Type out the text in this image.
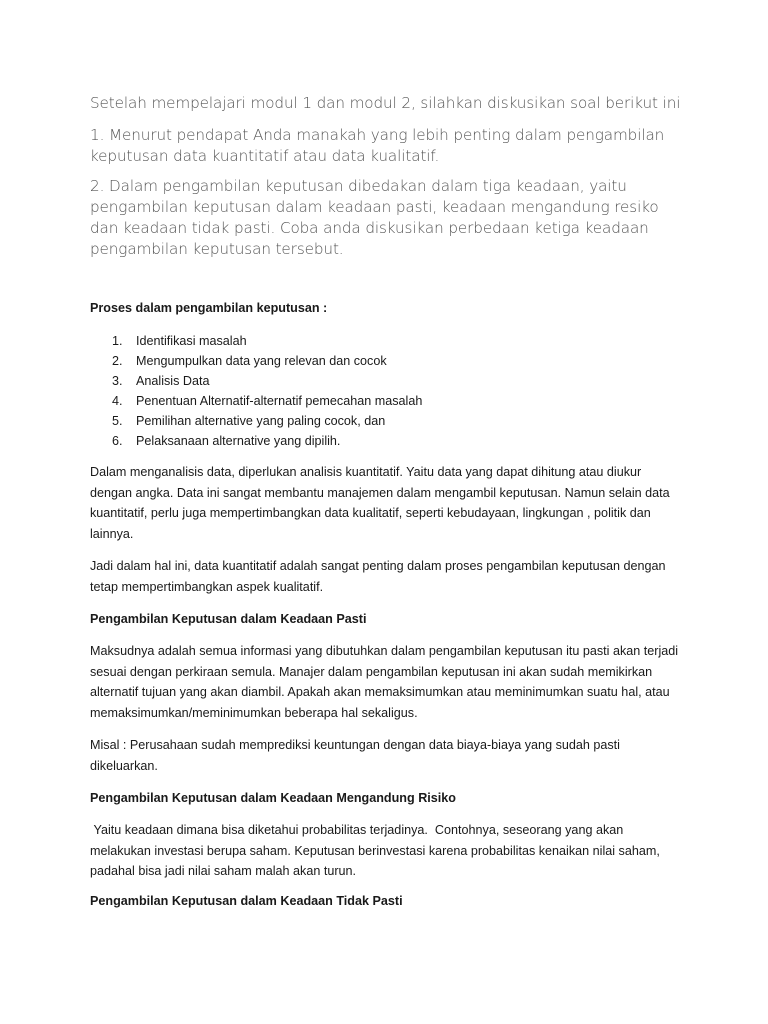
Setelah mempelajari modul 1 dan modul 2, silahkan diskusikan soal berikut ini

1. Menurut pendapat Anda manakah yang lebih penting dalam pengambilan keputusan data kuantitatif atau data kualitatif.

2. Dalam pengambilan keputusan dibedakan dalam tiga keadaan, yaitu pengambilan keputusan dalam keadaan pasti, keadaan mengandung resiko dan keadaan tidak pasti. Coba anda diskusikan perbedaan ketiga keadaan pengambilan keputusan tersebut.

Proses dalam pengambilan keputusan :

1.	Identifikasi masalah
2.	Mengumpulkan data yang relevan dan cocok
3.	Analisis Data
4.	Penentuan Alternatif-alternatif pemecahan masalah
5.	Pemilihan alternative yang paling cocok, dan
6.	Pelaksanaan alternative yang dipilih.

Dalam menganalisis data, diperlukan analisis kuantitatif. Yaitu data yang dapat dihitung atau diukur dengan angka. Data ini sangat membantu manajemen dalam mengambil keputusan. Namun selain data kuantitatif, perlu juga mempertimbangkan data kualitatif, seperti kebudayaan, lingkungan , politik dan lainnya.

Jadi dalam hal ini, data kuantitatif adalah sangat penting dalam proses pengambilan keputusan dengan tetap mempertimbangkan aspek kualitatif.

Pengambilan Keputusan dalam Keadaan Pasti

Maksudnya adalah semua informasi yang dibutuhkan dalam pengambilan keputusan itu pasti akan terjadi sesuai dengan perkiraan semula. Manajer dalam pengambilan keputusan ini akan sudah memikirkan alternatif tujuan yang akan diambil. Apakah akan memaksimumkan atau meminimumkan suatu hal, atau memaksimumkan/meminimumkan beberapa hal sekaligus.

Misal : Perusahaan sudah memprediksi keuntungan dengan data biaya-biaya yang sudah pasti dikeluarkan.

Pengambilan Keputusan dalam Keadaan Mengandung Risiko

Yaitu keadaan dimana bisa diketahui probabilitas terjadinya.  Contohnya, seseorang yang akan melakukan investasi berupa saham. Keputusan berinvestasi karena probabilitas kenaikan nilai saham, padahal bisa jadi nilai saham malah akan turun.

Pengambilan Keputusan dalam Keadaan Tidak Pasti
